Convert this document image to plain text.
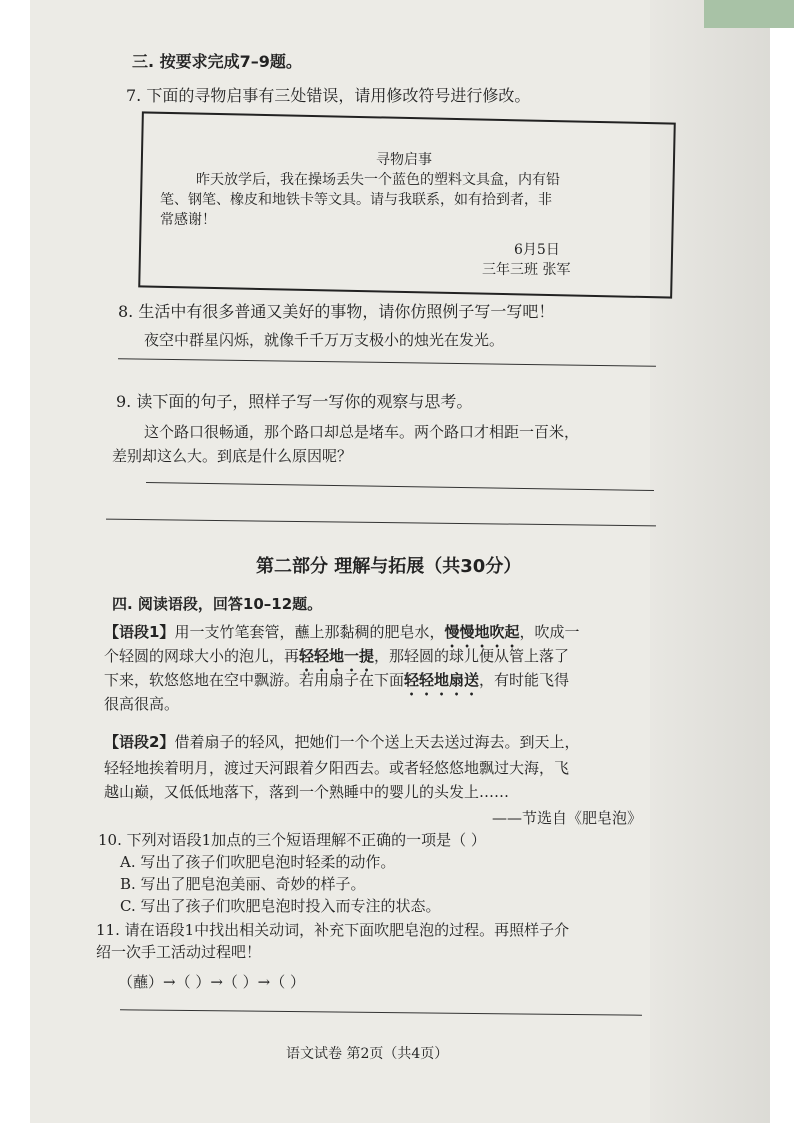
三. 按要求完成7–9题。
7. 下面的寻物启事有三处错误，请用修改符号进行修改。
寻物启事
昨天放学后，我在操场丢失一个蓝色的塑料文具盒，内有铅
笔、钢笔、橡皮和地铁卡等文具。请与我联系，如有拾到者，非
常感谢！
6月5日
三年三班 张军
8. 生活中有很多普通又美好的事物，请你仿照例子写一写吧！
夜空中群星闪烁，就像千千万万支极小的烛光在发光。
9. 读下面的句子，照样子写一写你的观察与思考。
这个路口很畅通，那个路口却总是堵车。两个路口才相距一百米，
差别却这么大。到底是什么原因呢？
第二部分 理解与拓展（共30分）
四. 阅读语段，回答10–12题。
【语段1】用一支竹笔套管，蘸上那黏稠的肥皂水，慢慢地吹起，吹成一
个轻圆的网球大小的泡儿，再轻轻地一提，那轻圆的球儿便从管上落了
下来，软悠悠地在空中飘游。若用扇子在下面轻轻地扇送，有时能飞得
很高很高。
【语段2】借着扇子的轻风，把她们一个个送上天去送过海去。到天上，
轻轻地挨着明月，渡过天河跟着夕阳西去。或者轻悠悠地飘过大海，飞
越山巅，又低低地落下，落到一个熟睡中的婴儿的头发上……
——节选自《肥皂泡》
10. 下列对语段1加点的三个短语理解不正确的一项是（ ）
A. 写出了孩子们吹肥皂泡时轻柔的动作。
B. 写出了肥皂泡美丽、奇妙的样子。
C. 写出了孩子们吹肥皂泡时投入而专注的状态。
11. 请在语段1中找出相关动词，补充下面吹肥皂泡的过程。再照样子介
绍一次手工活动过程吧！
（蘸）→（ ）→（ ）→（ ）
语文试卷 第2页（共4页）
